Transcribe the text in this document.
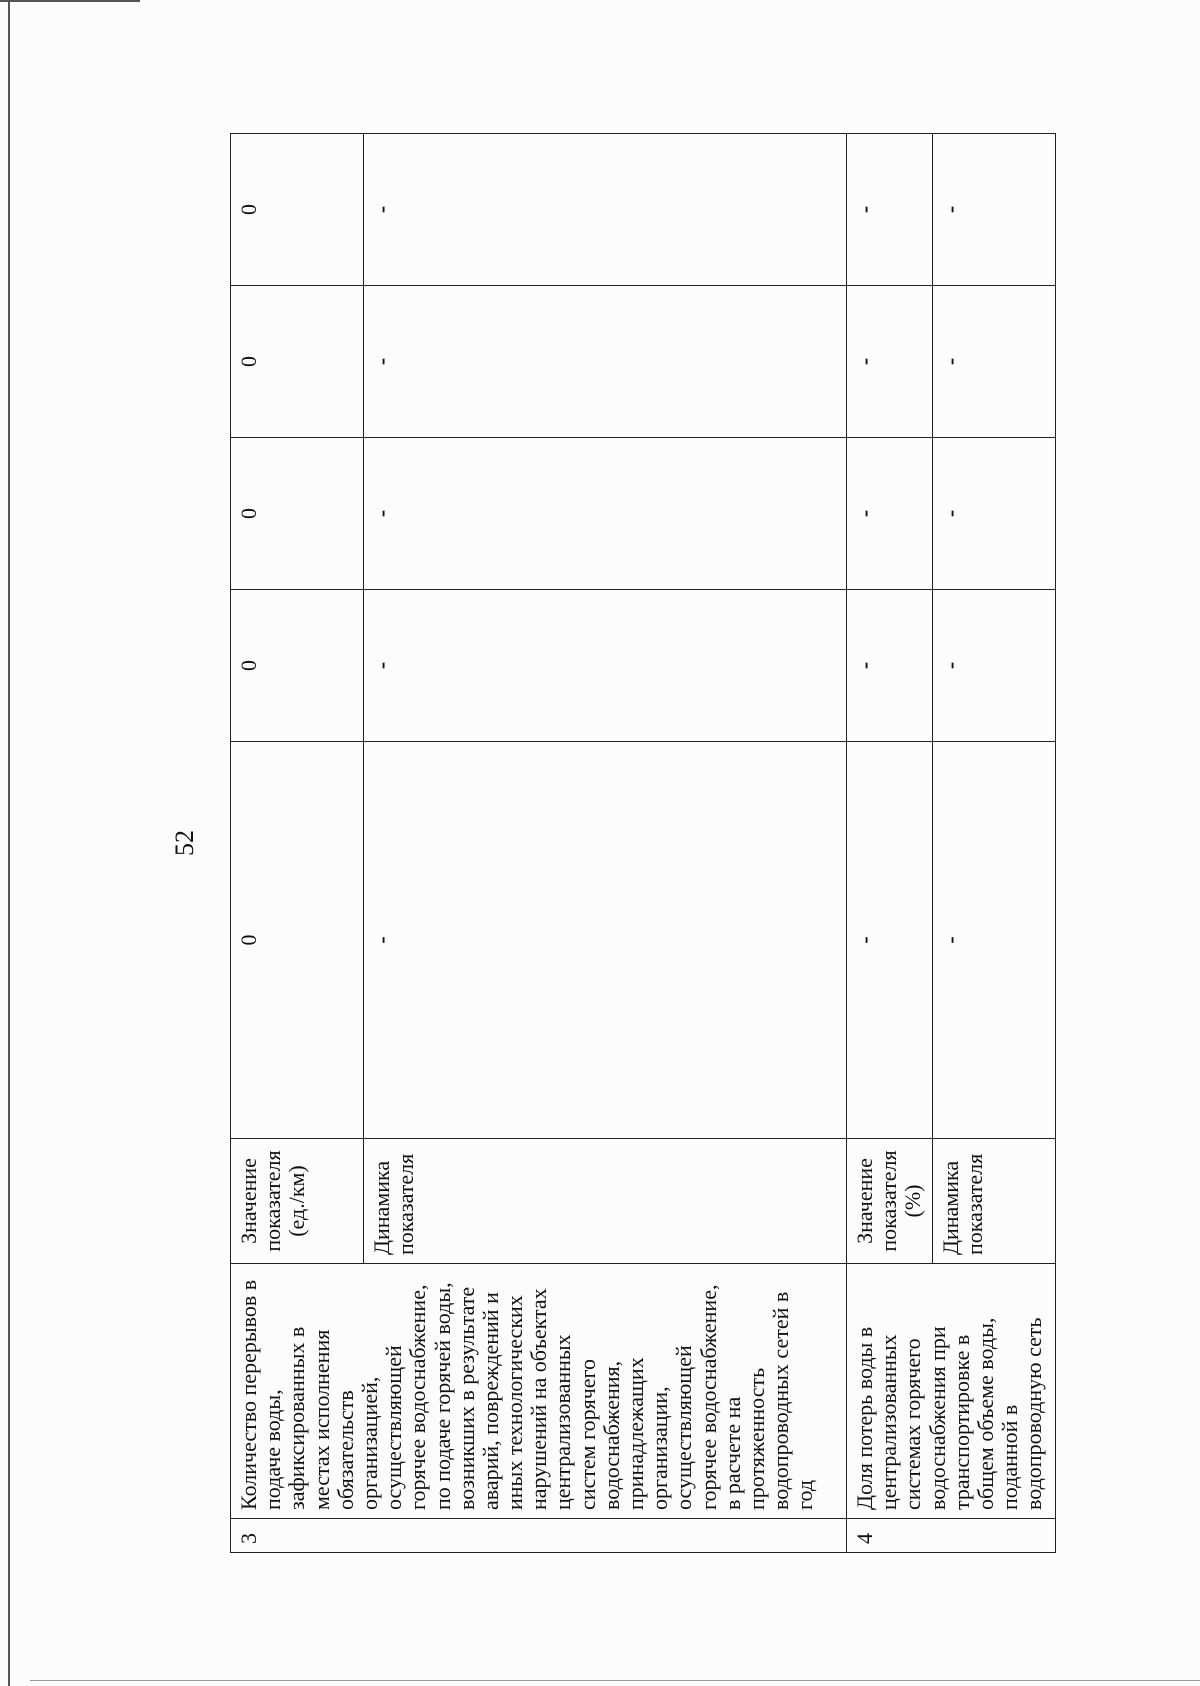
52
3	Количество перерывов в подаче воды, зафиксированных в местах исполнения обязательств организацией, осуществляющей горячее водоснабжение, по подаче горячей воды, возникших в результате аварий, повреждений и иных технологических нарушений на объектах централизованных систем горячего водоснабжения, принадлежащих организации, осуществляющей горячее водоснабжение, в расчете на протяженность водопроводных сетей в год	Значение показателя (ед./км)	0	0	0	0	0
		Динамика показателя	-	-	-	-	-
4	Доля потерь воды в централизованных системах горячего водоснабжения при транспортировке в общем объеме воды, поданной в водопроводную сеть	Значение показателя (%)	-	-	-	-	-
		Динамика показателя	-	-	-	-	-
